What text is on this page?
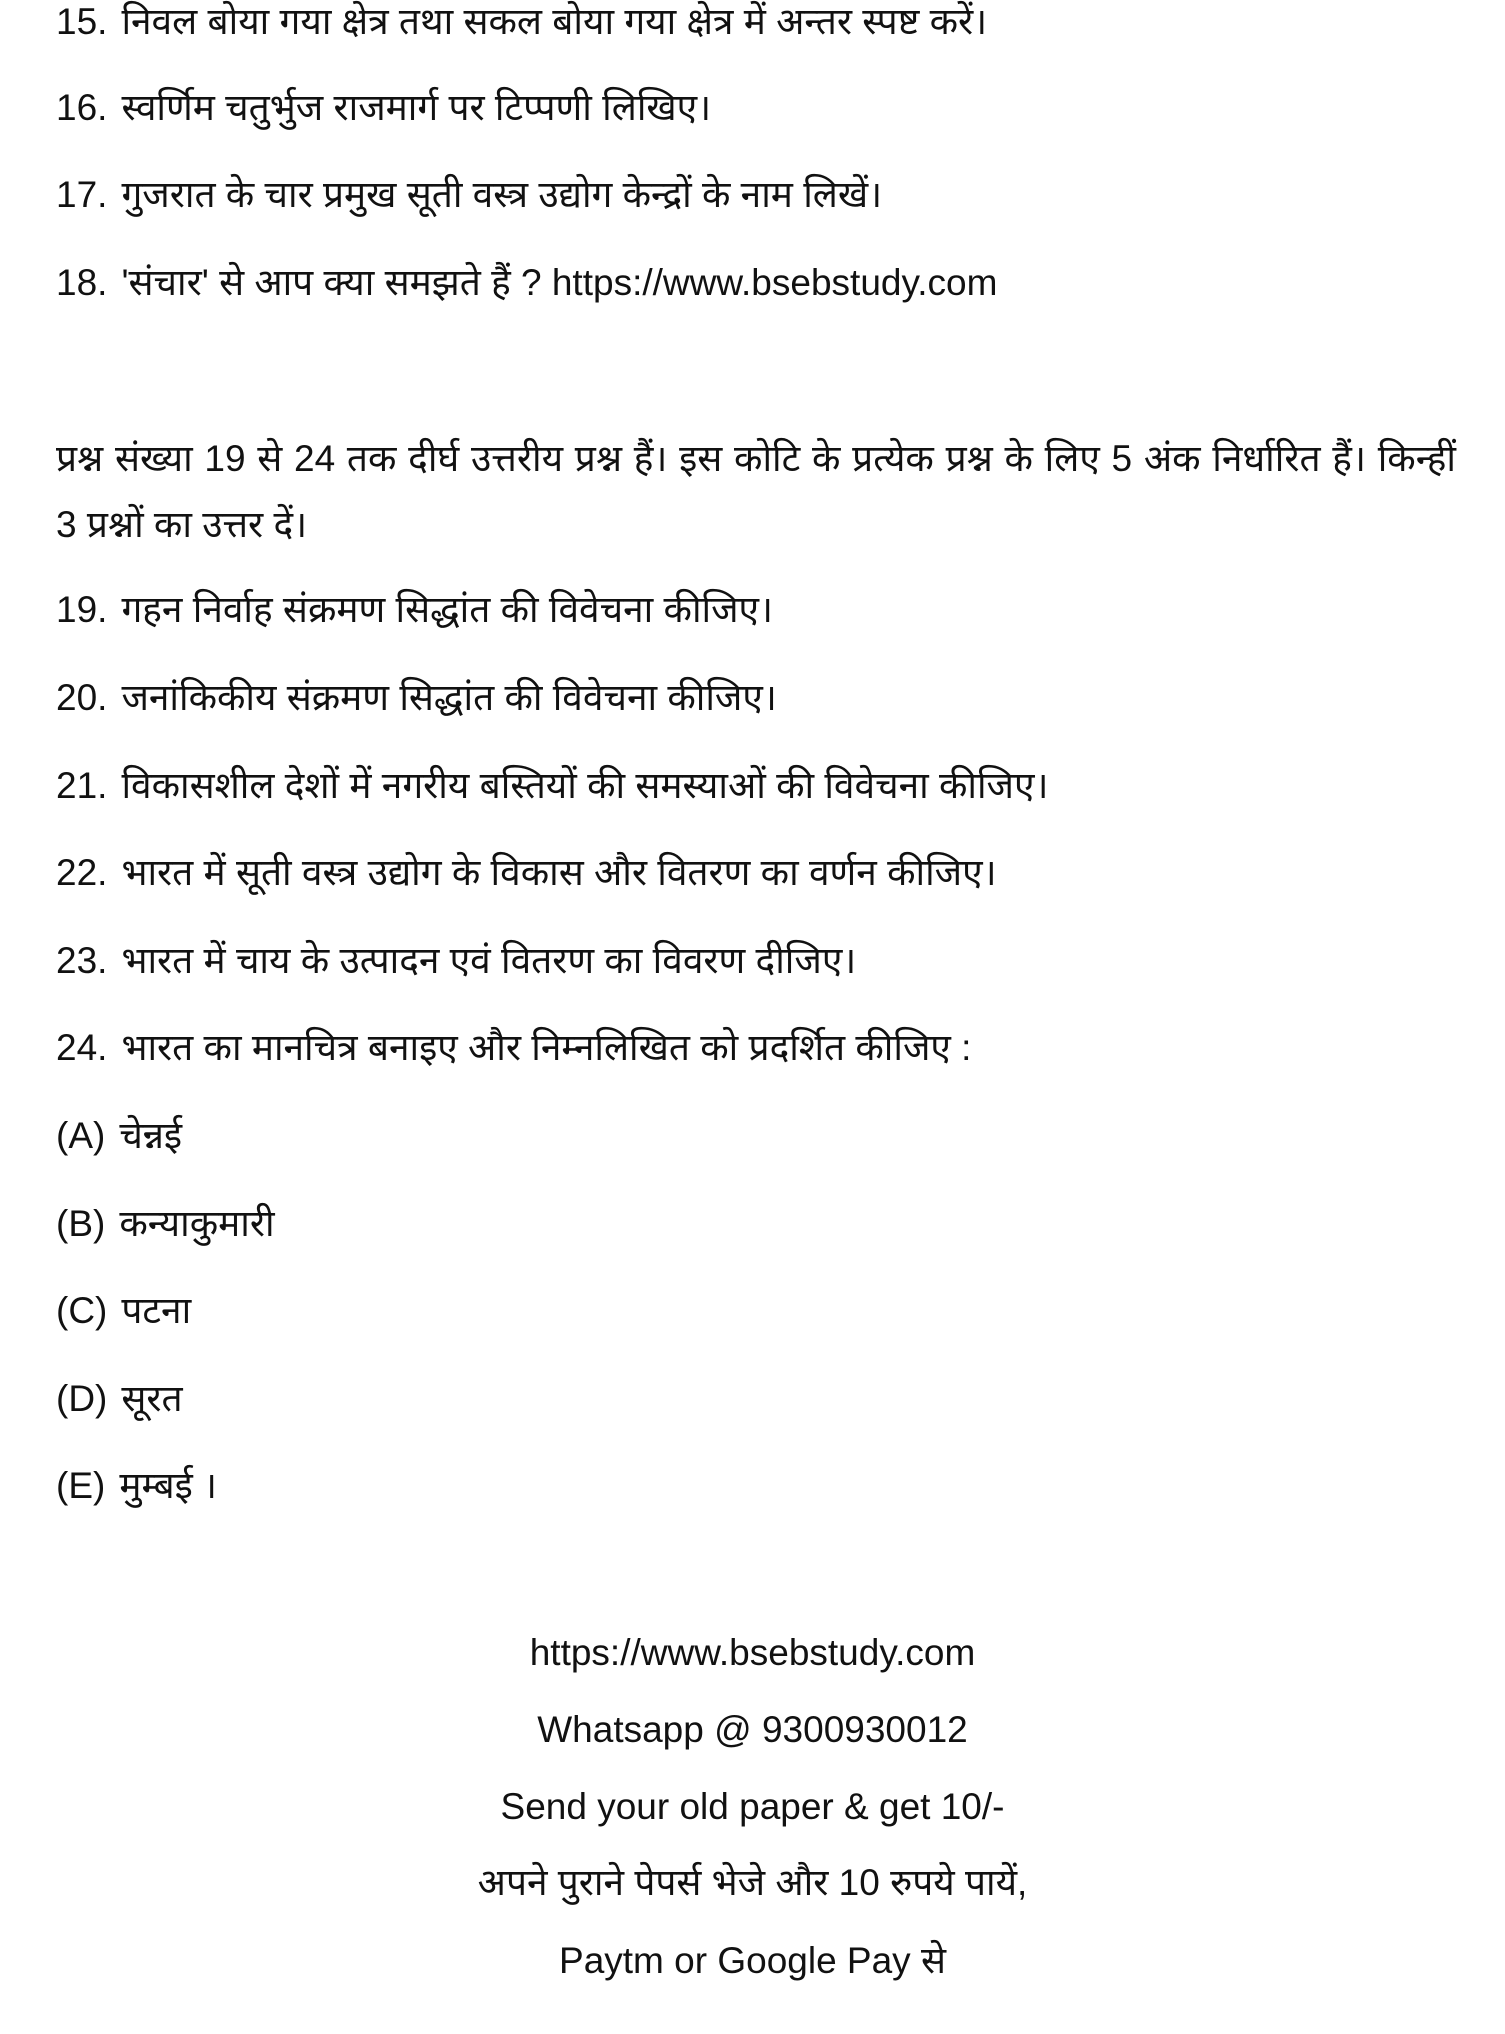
15. निवल बोया गया क्षेत्र तथा सकल बोया गया क्षेत्र में अन्तर स्पष्ट करें।
16. स्वर्णिम चतुर्भुज राजमार्ग पर टिप्पणी लिखिए।
17. गुजरात के चार प्रमुख सूती वस्त्र उद्योग केन्द्रों के नाम लिखें।
18. 'संचार' से आप क्या समझते हैं ? https://www.bsebstudy.com
प्रश्न संख्या 19 से 24 तक दीर्घ उत्तरीय प्रश्न हैं। इस कोटि के प्रत्येक प्रश्न के लिए 5 अंक निर्धारित हैं। किन्हीं 3 प्रश्नों का उत्तर दें।
19. गहन निर्वाह संक्रमण सिद्धांत की विवेचना कीजिए।
20. जनांकिकीय संक्रमण सिद्धांत की विवेचना कीजिए।
21. विकासशील देशों में नगरीय बस्तियों की समस्याओं की विवेचना कीजिए।
22. भारत में सूती वस्त्र उद्योग के विकास और वितरण का वर्णन कीजिए।
23. भारत में चाय के उत्पादन एवं वितरण का विवरण दीजिए।
24. भारत का मानचित्र बनाइए और निम्नलिखित को प्रदर्शित कीजिए :
(A) चेन्नई
(B) कन्याकुमारी
(C) पटना
(D) सूरत
(E) मुम्बई ।
https://www.bsebstudy.com
Whatsapp @ 9300930012
Send your old paper & get 10/-
अपने पुराने पेपर्स भेजे और 10 रुपये पायें,
Paytm or Google Pay से
